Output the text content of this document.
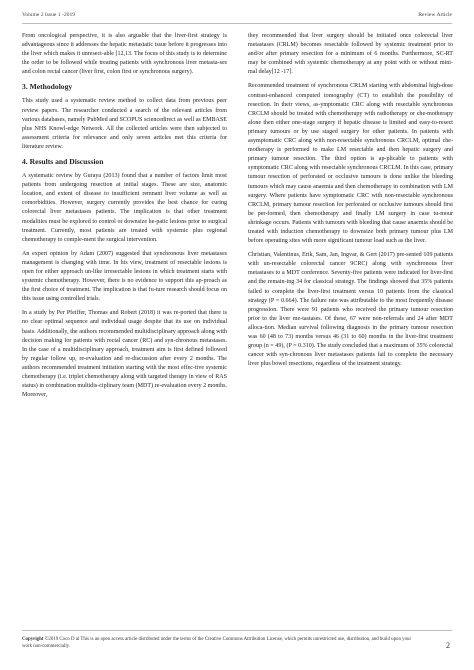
Volume 2 Issue 1 -2019	Review Article

From oncological perspective, it is also arguable that the liver-first strategy is advantageous since it addresses the hepatic metastatic issue before it progresses into the liver which makes it unresect-able [12,13. The focus of this study is to determine the order to be followed while treating patients with synchronous liver metasta-ses and colon rectal cancer (liver first, colon first or synchronous surgery).

3. Methodology

This study used a systematic review method to collect data from previous peer review papers. The researcher conducted a search of the relevant articles from various databases, namely PubMed and SCOPUS sciencedirect as well as EMBASE plus NHS Knowl-edge Network. All the collected articles were then subjected to assessment criteria for relevance and only seven articles met this criteria for literature review.

4. Results and Discussion

A systematic review by Guraya (2013) found that a number of factors limit most patients from undergoing resection at initial stages. These are size, anatomic location, and extent of disease to insufficient remnant liver volume as well as comorbidities. However, surgery currently provides the best chance for curing colorectal liver metastases patients. The implication is that other treatment modalities must be explored to control or downsize he-patic lesions prior to surgical treatment. Currently, most patients are treated with systemic plus regional chemotherapy to comple-ment the surgical intervention.

An expert opinion by Adam (2007) suggested that synchronous liver metastases management is changing with time. In his view, treatment of resectable lesions is open for either approach un-like irresectable lesions in which treatment starts with systemic chemotherapy. However, there is no evidence to support this ap-proach as the first choice of treatment. The implication is that fu-ture research should focus on this issue using controlled trials.

In a study by Per Pfeiffer, Thomas and Robert (2018) it was re-ported that there is no clear optimal sequence and individual usage despite that its use on individual basis. Additionally, the authors recommended multidisciplinary approach along with decision making for patients with rectal cancer (RC) and syn-chronous metastases. In the case of a multidisciplinary approach, treatment aim is first defined followed by regular follow up, re-evaluation and re-discussion after every 2 months. The authors recommended treatment initiation starting with the most effec-tive systemic chemotherapy (i.e. triplet chemotherapy along with targeted therapy in view of RAS status) in combination multidis-ciplinary team (MDT) re-evaluation every 2 months. Moreover,

they recommended that liver surgery should be initiated once colorectal liver metastases (CRLM) becomes resectable followed by systemic treatment prior to and/or after primary resection for a minimum of 6 months. Furthermore, SC-RT may be combined with systemic chemotherapy at any point with or without mini-mal delay[12 -17].

Recommended treatment of synchronous CRLM starting with abdominal high-dose contrast-enhanced computed tomography (CT) to establish the possibility of resection. In their views, as-ymptomatic CRC along with resectable synchronous CRCLM should be treated with chemotherapy with radiotherapy or che-motherapy alone then either one-stage surgery if hepatic disease is limited and easy-to-resect primary tumours or by use staged surgery for other patients. In patients with asymptomatic CRC along with non-resectable synchronous CRCLM, optimal che-motherapy is performed to make LM resectable and then hepatic surgery and primary tumour resection. The third option is ap-plicable to patients with symptomatic CRC along with resectable synchronous CRCLM. In this case, primary tumour resection of perforated or occlusive tumours is done unlike the bleeding tumours which may cause anaemia and then chemotherapy in combination with LM surgery. Where patients have symptomatic CRC with non-resectable synchronous CRCLM, primary tumour resection for perforated or occlusive tumours should first be per-formed, then chemotherapy and finally LM surgery in case tu-mour shrinkage occurs. Patients with tumours with bleeding that cause anaemia should be treated with induction chemotherapy to downsize both primary tumour plus LM before operating sites with more significant tumour load such as the liver.

Christian, Valentinus, Erik, Sam, Jan, Ingvar, & Gert (2017) pre-sented 109 patients with un-resectable colorectal cancer 9CRC) along with synchronous liver metastases to a MDT conference. Seventy-five patients were indicated for liver-first and the remain-ing 34 for classical strategy. The findings showed that 35% patients failed to complete the liver-first treatment versus 10 patients from the classical strategy (P = 0.664). The failure rate was attributable to the most frequently disease progression. There were 91 patients who received the primary tumour resection prior to the liver me-tastases. Of these, 67 were non-referrals and 24 after MDT alloca-tion. Median survival following diagnosis in the primary tumour resection was 60 (48 to 73) months versus 46 (31 to 60) months in the liver-first treatment group (n = 49), (P = 0.310). The study concluded that a maximum of 35% colorectal cancer with syn-chronous liver metastases patients fail to complete the necessary liver plus bowel resections, regardless of the treatment strategy.

Copyright ©2019 Coco D al This is an open access article distributed under the terms of the Creative Commons Attribution License, which permits unrestricted use, distribution, and build upon your work non-commercially.	2
